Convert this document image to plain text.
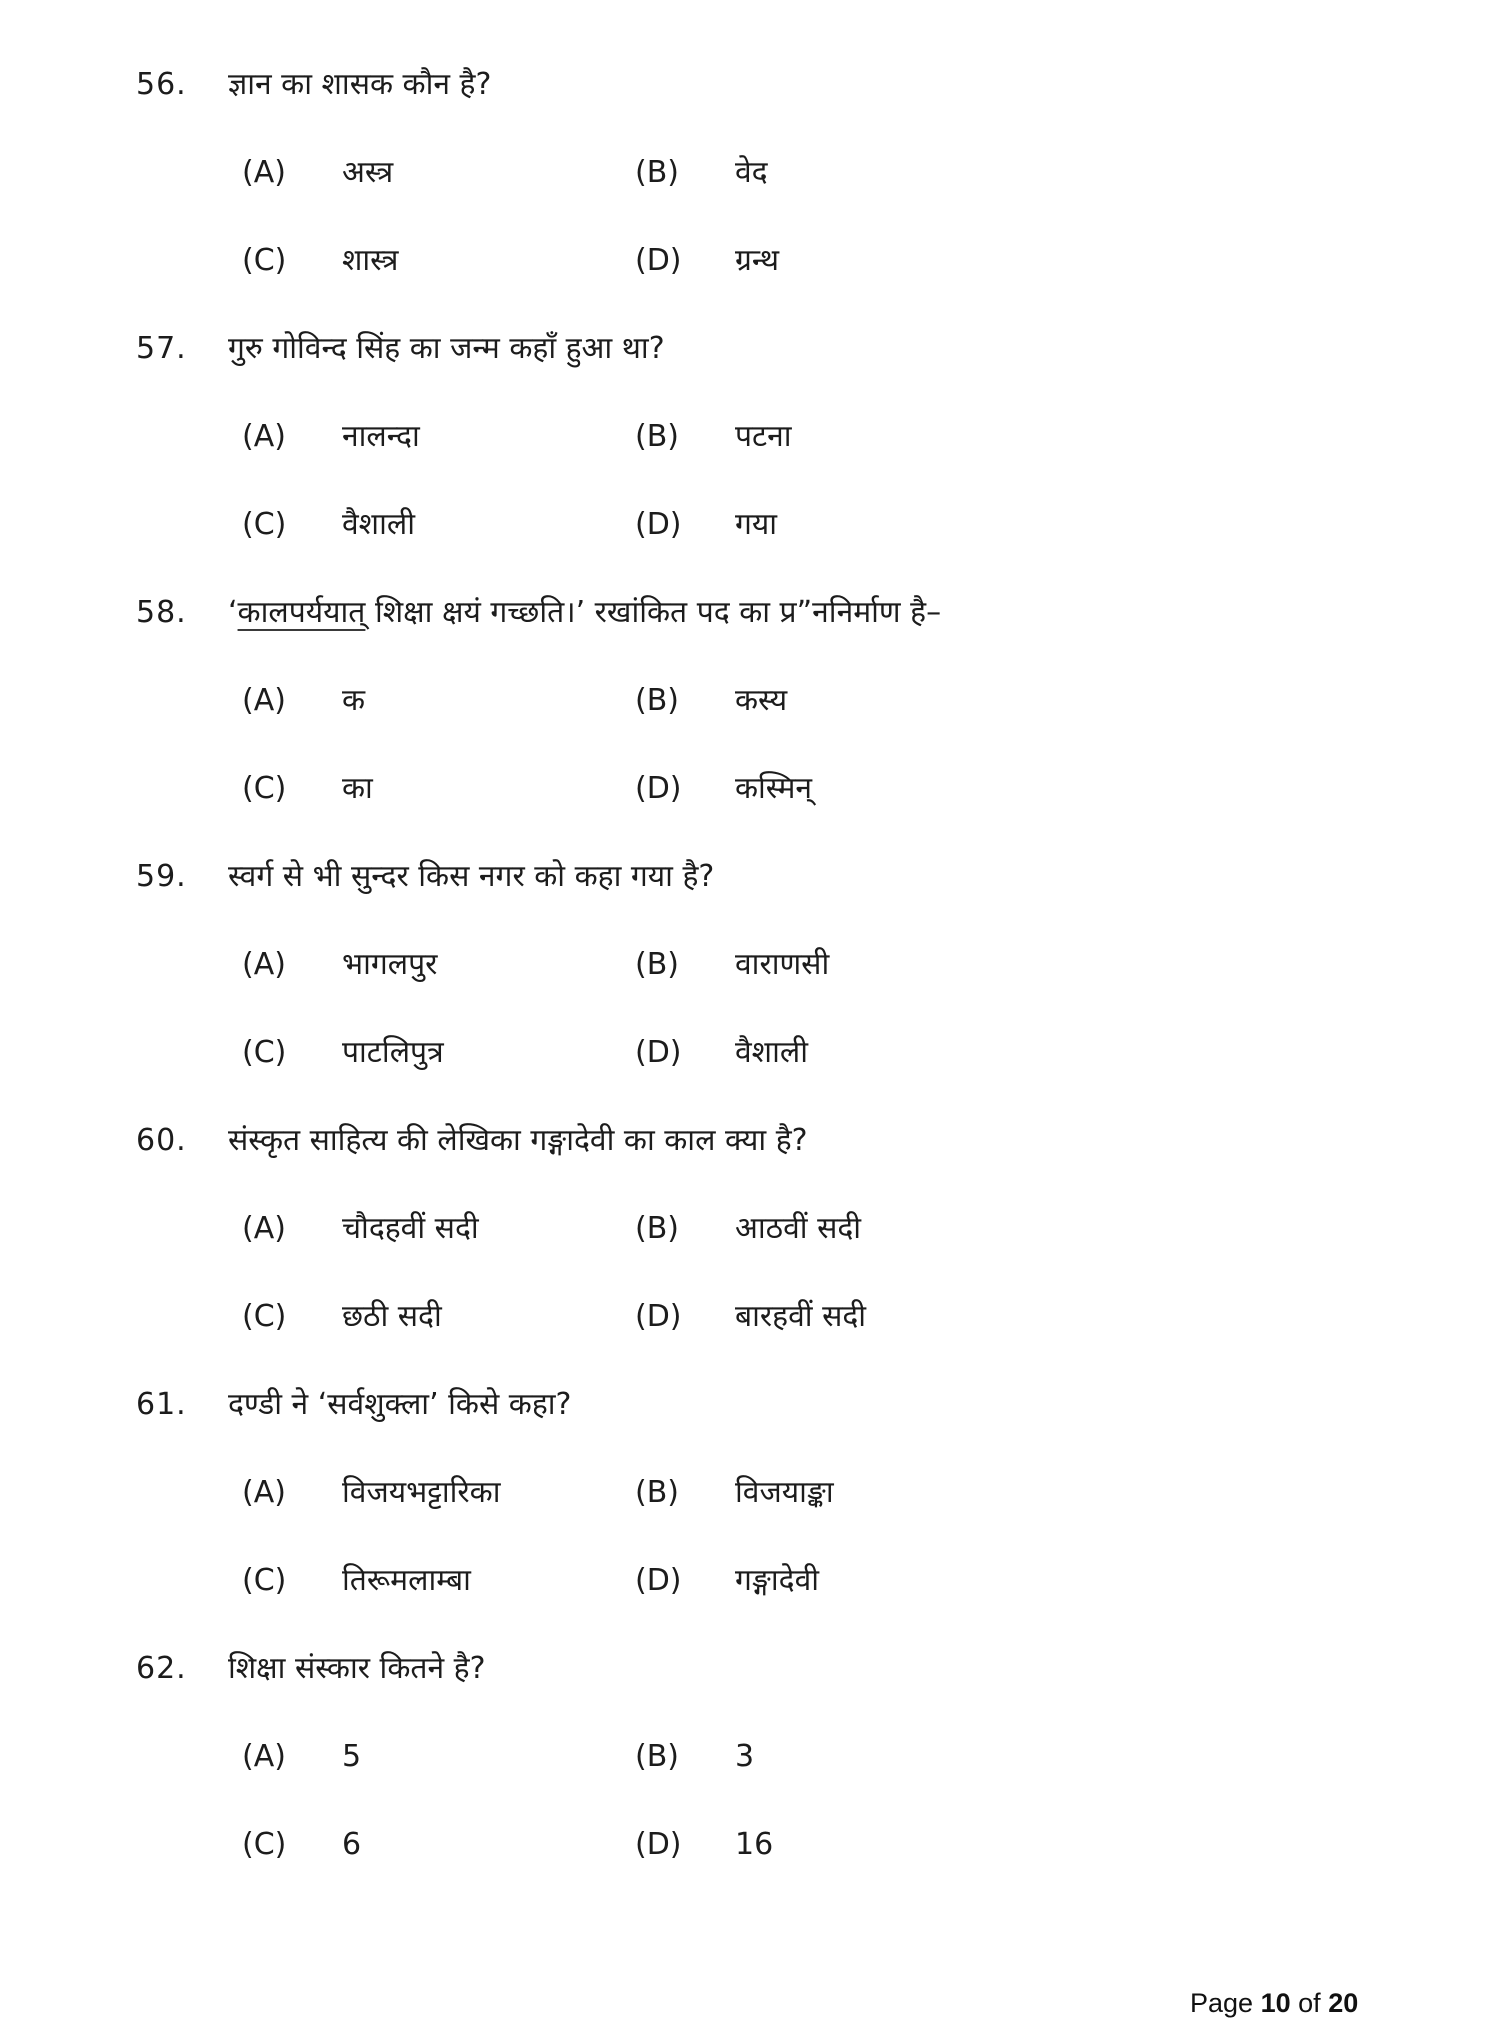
56.	ज्ञान का शासक कौन है?
(A)	अस्त्र	(B)	वेद
(C)	शास्त्र	(D)	ग्रन्थ
57.	गुरु गोविन्द सिंह का जन्म कहाँ हुआ था?
(A)	नालन्दा	(B)	पटना
(C)	वैशाली	(D)	गया
58.	‘कालपर्ययात् शिक्षा क्षयं गच्छति।’ रखांकित पद का प्र”ननिर्माण है–
(A)	क	(B)	कस्य
(C)	का	(D)	कस्मिन्
59.	स्वर्ग से भी सुन्दर किस नगर को कहा गया है?
(A)	भागलपुर	(B)	वाराणसी
(C)	पाटलिपुत्र	(D)	वैशाली
60.	संस्कृत साहित्य की लेखिका गङ्गादेवी का काल क्या है?
(A)	चौदहवीं सदी	(B)	आठवीं सदी
(C)	छठी सदी	(D)	बारहवीं सदी
61.	दण्डी ने ‘सर्वशुक्ला’ किसे कहा?
(A)	विजयभट्टारिका	(B)	विजयाङ्का
(C)	तिरूमलाम्बा	(D)	गङ्गादेवी
62.	शिक्षा संस्कार कितने है?
(A)	5	(B)	3
(C)	6	(D)	16
Page 10 of 20
